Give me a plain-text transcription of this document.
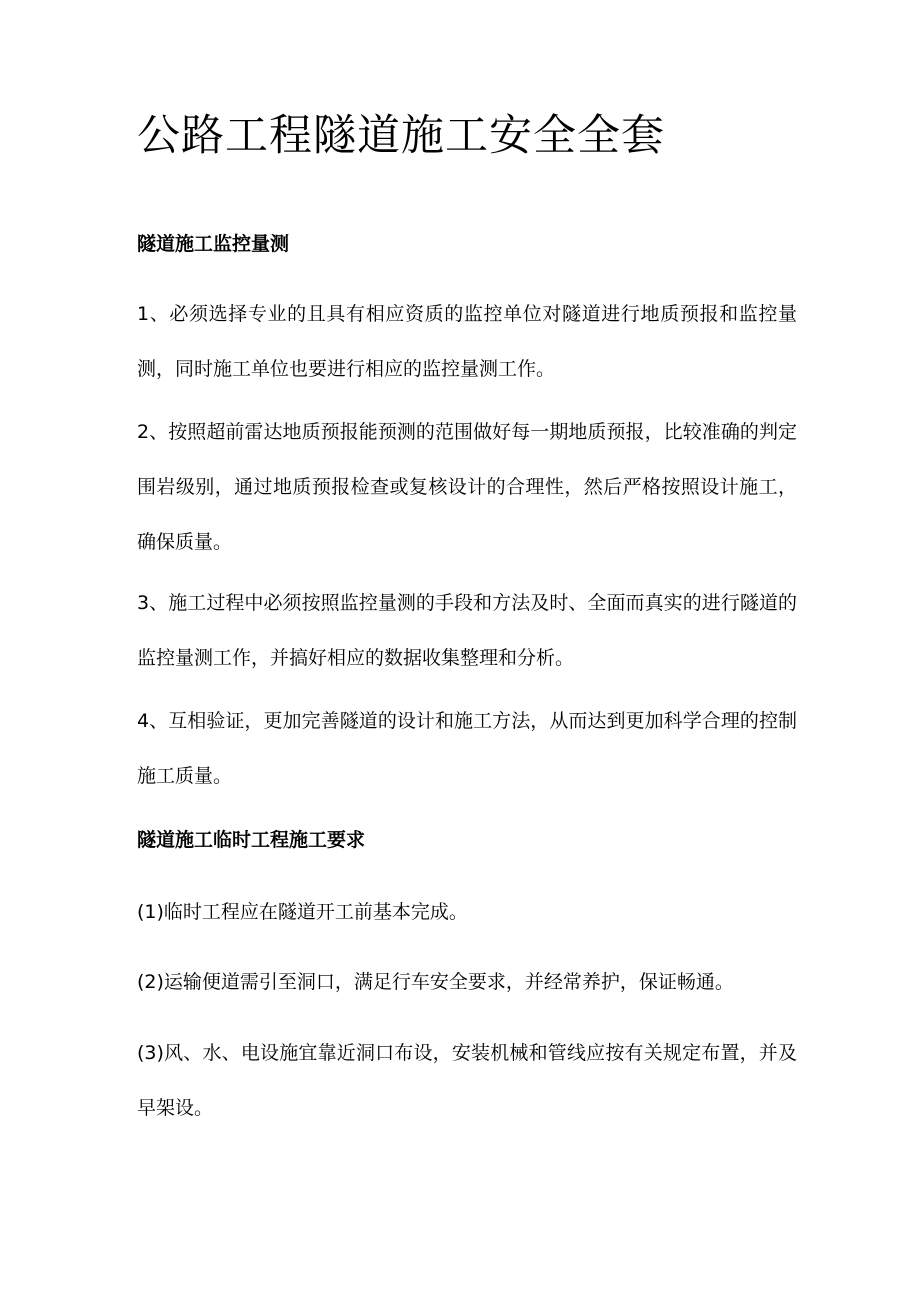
公路工程隧道施工安全全套
隧道施工监控量测

1、必须选择专业的且具有相应资质的监控单位对隧道进行地质预报和监控量测，同时施工单位也要进行相应的监控量测工作。

2、按照超前雷达地质预报能预测的范围做好每一期地质预报，比较准确的判定围岩级别，通过地质预报检查或复核设计的合理性，然后严格按照设计施工，确保质量。

3、施工过程中必须按照监控量测的手段和方法及时、全面而真实的进行隧道的监控量测工作，并搞好相应的数据收集整理和分析。

4、互相验证，更加完善隧道的设计和施工方法，从而达到更加科学合理的控制施工质量。

隧道施工临时工程施工要求

(1)临时工程应在隧道开工前基本完成。

(2)运输便道需引至洞口，满足行车安全要求，并经常养护，保证畅通。

(3)风、水、电设施宜靠近洞口布设，安装机械和管线应按有关规定布置，并及早架设。
